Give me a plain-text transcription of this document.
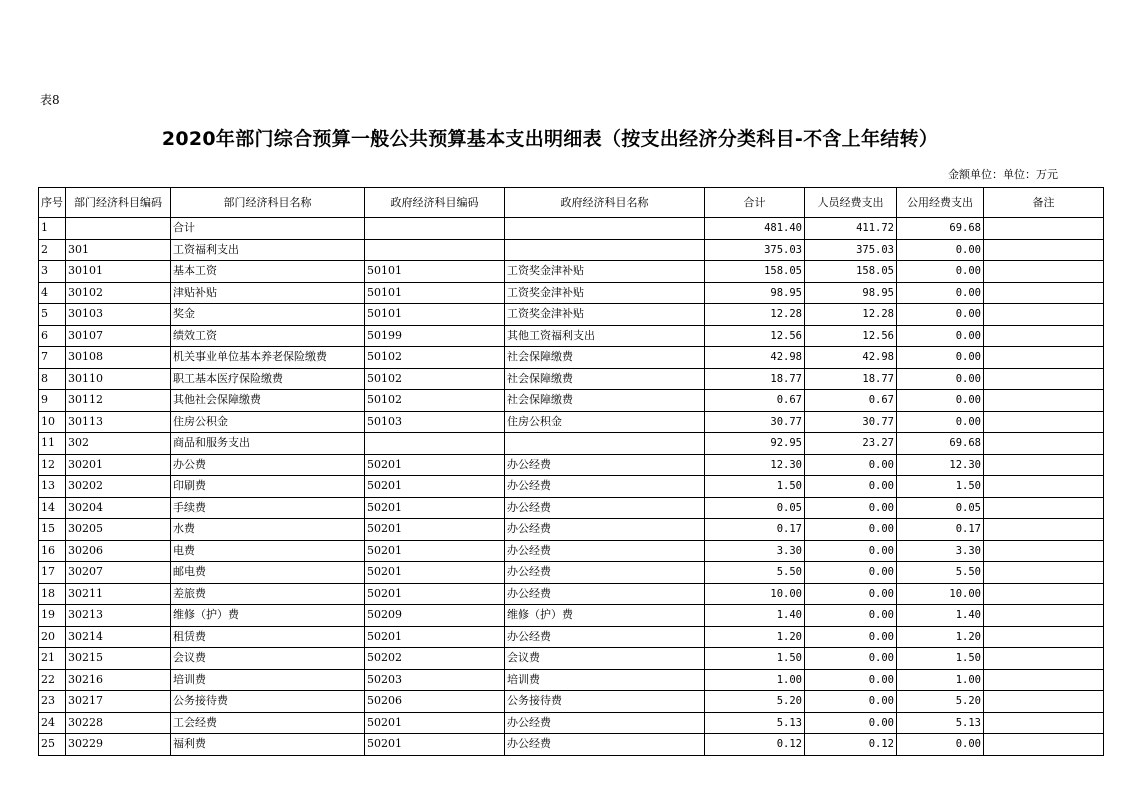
表8
2020年部门综合预算一般公共预算基本支出明细表（按支出经济分类科目-不含上年结转）
金额单位：单位：万元
序号	部门经济科目编码	部门经济科目名称	政府经济科目编码	政府经济科目名称	合计	人员经费支出	公用经费支出	备注
1		合计			481.40	411.72	69.68	
2	301	工资福利支出			375.03	375.03	0.00	
3	30101	基本工资	50101	工资奖金津补贴	158.05	158.05	0.00	
4	30102	津贴补贴	50101	工资奖金津补贴	98.95	98.95	0.00	
5	30103	奖金	50101	工资奖金津补贴	12.28	12.28	0.00	
6	30107	绩效工资	50199	其他工资福利支出	12.56	12.56	0.00	
7	30108	机关事业单位基本养老保险缴费	50102	社会保障缴费	42.98	42.98	0.00	
8	30110	职工基本医疗保险缴费	50102	社会保障缴费	18.77	18.77	0.00	
9	30112	其他社会保障缴费	50102	社会保障缴费	0.67	0.67	0.00	
10	30113	住房公积金	50103	住房公积金	30.77	30.77	0.00	
11	302	商品和服务支出			92.95	23.27	69.68	
12	30201	办公费	50201	办公经费	12.30	0.00	12.30	
13	30202	印刷费	50201	办公经费	1.50	0.00	1.50	
14	30204	手续费	50201	办公经费	0.05	0.00	0.05	
15	30205	水费	50201	办公经费	0.17	0.00	0.17	
16	30206	电费	50201	办公经费	3.30	0.00	3.30	
17	30207	邮电费	50201	办公经费	5.50	0.00	5.50	
18	30211	差旅费	50201	办公经费	10.00	0.00	10.00	
19	30213	维修（护）费	50209	维修（护）费	1.40	0.00	1.40	
20	30214	租赁费	50201	办公经费	1.20	0.00	1.20	
21	30215	会议费	50202	会议费	1.50	0.00	1.50	
22	30216	培训费	50203	培训费	1.00	0.00	1.00	
23	30217	公务接待费	50206	公务接待费	5.20	0.00	5.20	
24	30228	工会经费	50201	办公经费	5.13	0.00	5.13	
25	30229	福利费	50201	办公经费	0.12	0.12	0.00	
